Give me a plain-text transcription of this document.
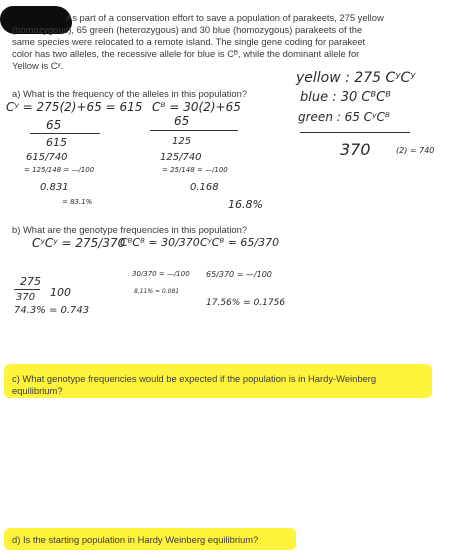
As part of a conservation effort to save a population of parakeets, 275 yellow
(homozygous), 65 green (heterozygous) and 30 blue (homozygous) parakeets of the
same species were relocated to a remote island. The single gene coding for parakeet
color has two alleles, the recessive allele for blue is Cᴮ, while the dominant allele for
Yellow is Cʸ.
yellow : 275 CʸCʸ
blue : 30 CᴮCᴮ
green : 65 CʸCᴮ
370	(2) = 740
a) What is the frequency of the alleles in this population?
Cʸ = 275(2)+65 = 615 Cᴮ = 30(2)+65
65
615
615/740
= 125/148 = —/100
0.831
= 83.1%
65
125
125/740
= 25/148 = —/100
0.168
16.8%
b) What are the genotype frequencies in this population?
CʸCʸ = 275/370
CᴮCᴮ = 30/370 CʸCᴮ = 65/370
275
370 100
74.3% = 0.743
30/370 = —/100
8.11% = 0.081
65/370 = —/100
17.56% = 0.1756
c) What genotype frequencies would be expected if the population is in Hardy-Weinberg
equilibrium?
d) Is the starting population in Hardy Weinberg equilibrium?
